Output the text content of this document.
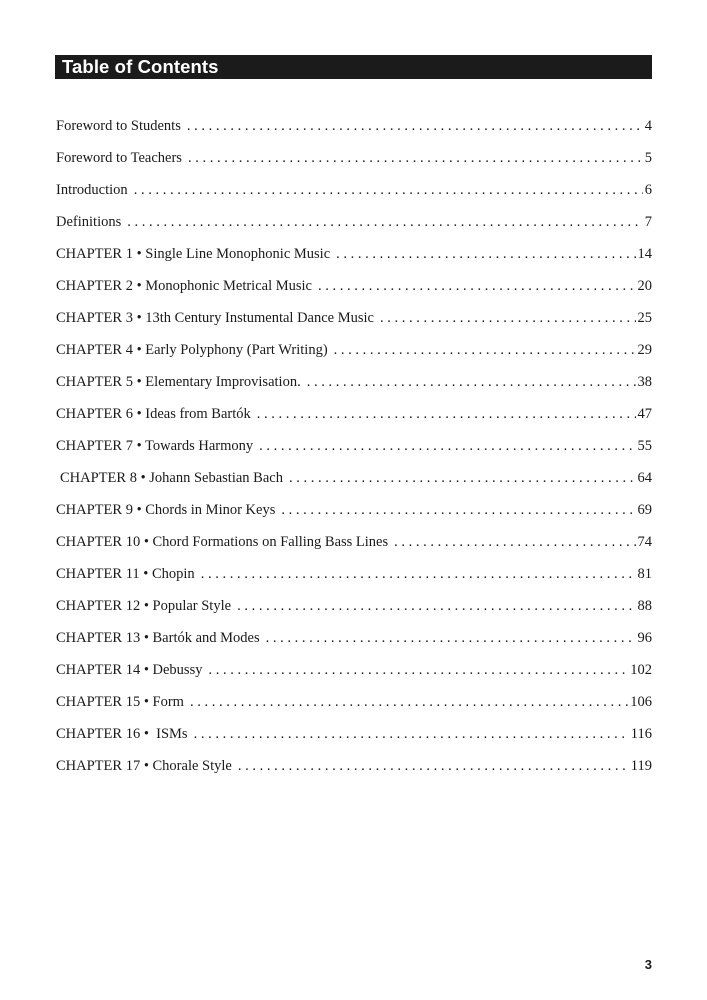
Table of Contents
Foreword to Students . . .	4
Foreword to Teachers . . .	5
Introduction . . .	6
Definitions . . .	7
CHAPTER 1 • Single Line Monophonic Music . . .	14
CHAPTER 2 • Monophonic Metrical Music . . .	20
CHAPTER 3 • 13th Century Instumental Dance Music . . .	25
CHAPTER 4 • Early Polyphony (Part Writing) . . .	29
CHAPTER 5 • Elementary Improvisation. . . .	38
CHAPTER 6 • Ideas from Bartók . . .	47
CHAPTER 7 • Towards Harmony . . .	55
CHAPTER 8 • Johann Sebastian Bach . . .	64
CHAPTER 9 • Chords in Minor Keys . . .	69
CHAPTER 10 • Chord Formations on Falling Bass Lines . . .	74
CHAPTER 11 • Chopin . . .	81
CHAPTER 12 • Popular Style . . .	88
CHAPTER 13 • Bartók and Modes . . .	96
CHAPTER 14 • Debussy . . .	102
CHAPTER 15 • Form . . .	106
CHAPTER 16 •  ISMs . . .	116
CHAPTER 17 • Chorale Style . . .	119
3
